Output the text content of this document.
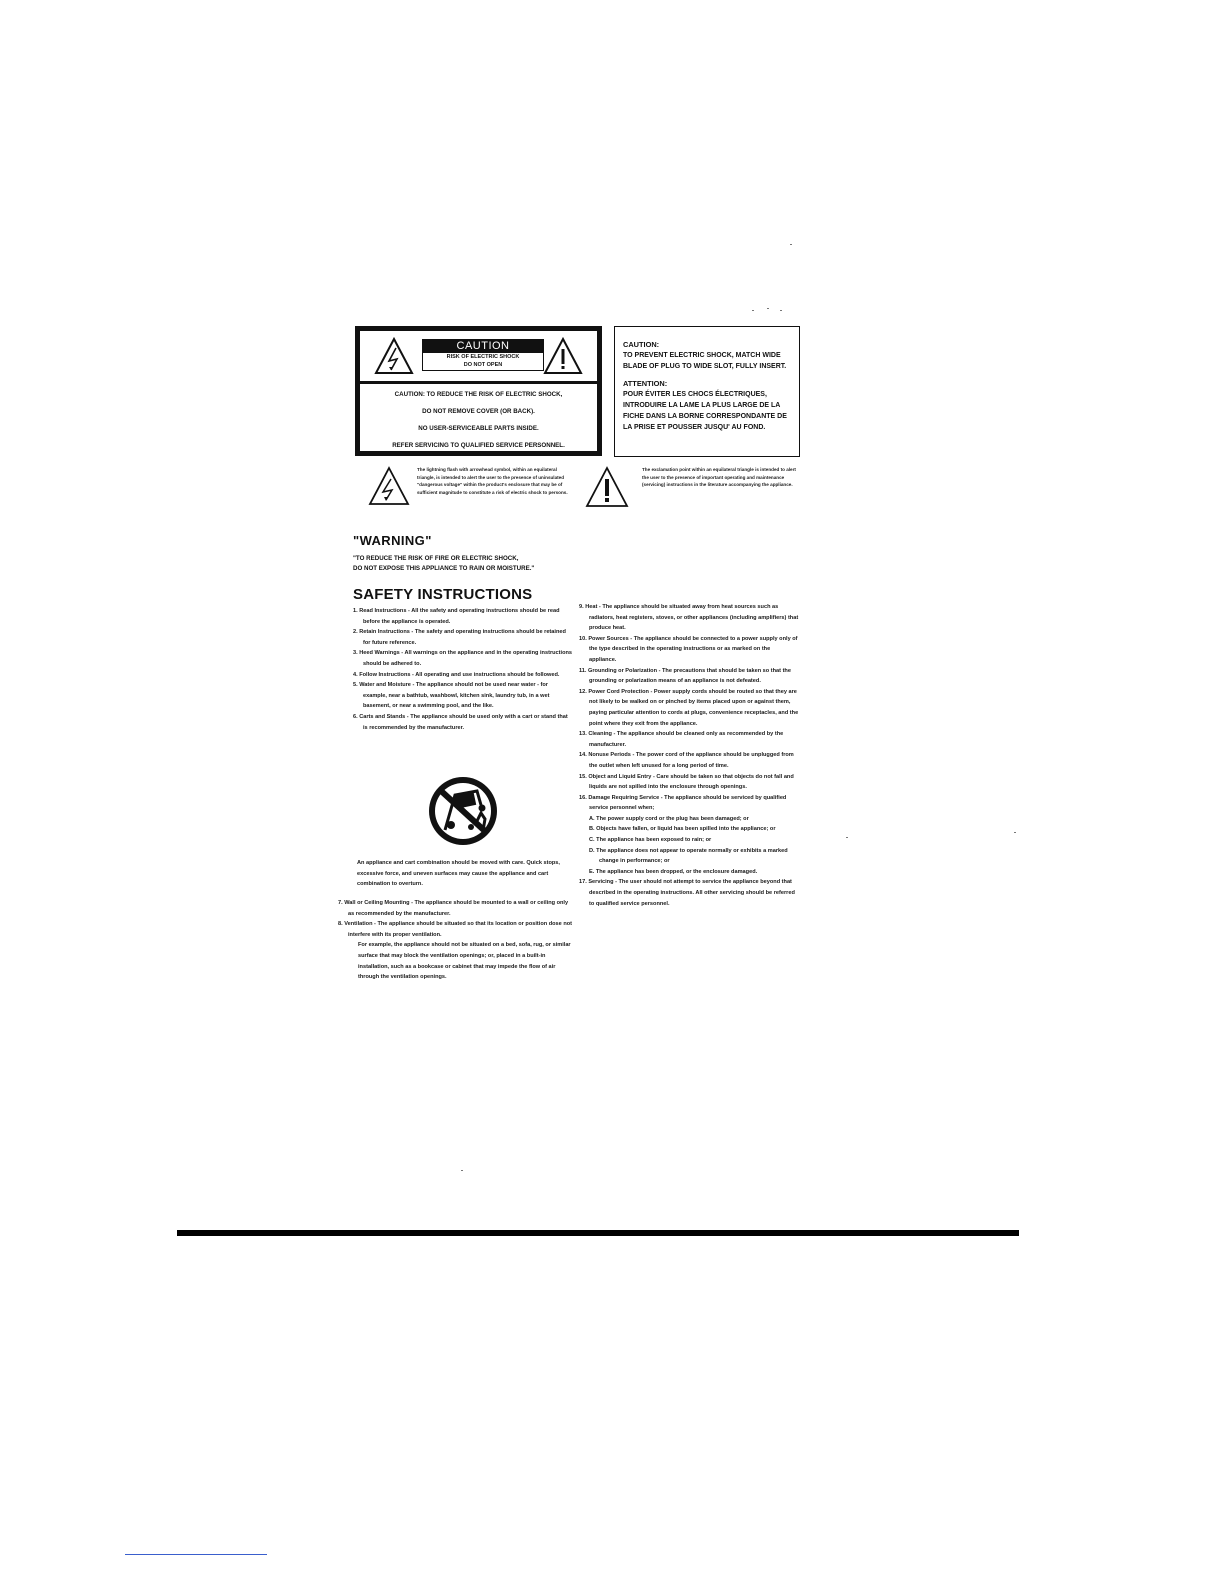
CAUTION
RISK OF ELECTRIC SHOCK
DO NOT OPEN
CAUTION: TO REDUCE THE RISK OF ELECTRIC SHOCK,
DO NOT REMOVE COVER (OR BACK).
NO USER-SERVICEABLE PARTS INSIDE.
REFER SERVICING TO QUALIFIED SERVICE PERSONNEL.
CAUTION:
TO PREVENT ELECTRIC SHOCK, MATCH WIDE BLADE OF PLUG TO WIDE SLOT, FULLY INSERT.
ATTENTION:
POUR ÉVITER LES CHOCS ÉLECTRIQUES, INTRODUIRE LA LAME LA PLUS LARGE DE LA FICHE DANS LA BORNE CORRESPONDANTE DE LA PRISE ET POUSSER JUSQU' AU FOND.
The lightning flash with arrowhead symbol, within an equilateral triangle, is intended to alert the user to the presence of uninsulated "dangerous voltage" within the product's enclosure that may be of sufficient magnitude to constitute a risk of electric shock to persons.
The exclamation point within an equilateral triangle is intended to alert the user to the presence of important operating and maintenance (servicing) instructions in the literature accompanying the appliance.
"WARNING"
"TO REDUCE THE RISK OF FIRE OR ELECTRIC SHOCK,
DO NOT EXPOSE THIS APPLIANCE TO RAIN OR MOISTURE."
SAFETY INSTRUCTIONS
1. Read Instructions - All the safety and operating instructions should be read before the appliance is operated.
2. Retain Instructions - The safety and operating instructions should be retained for future reference.
3. Heed Warnings - All warnings on the appliance and in the operating instructions should be adhered to.
4. Follow Instructions - All operating and use instructions should be followed.
5. Water and Moisture - The appliance should not be used near water - for example, near a bathtub, washbowl, kitchen sink, laundry tub, in a wet basement, or near a swimming pool, and the like.
6. Carts and Stands - The appliance should be used only with a cart or stand that is recommended by the manufacturer.
An appliance and cart combination should be moved with care. Quick stops, excessive force, and uneven surfaces may cause the appliance and cart combination to overturn.
7. Wall or Ceiling Mounting - The appliance should be mounted to a wall or ceiling only as recommended by the manufacturer.
8. Ventilation - The appliance should be situated so that its location or position dose not interfere with its proper ventilation.
For example, the appliance should not be situated on a bed, sofa, rug, or similar surface that may block the ventilation openings; or, placed in a built-in installation, such as a bookcase or cabinet that may impede the flow of air through the ventilation openings.
9. Heat - The appliance should be situated away from heat sources such as radiators, heat registers, stoves, or other appliances (including amplifiers) that produce heat.
10. Power Sources - The appliance should be connected to a power supply only of the type described in the operating instructions or as marked on the appliance.
11. Grounding or Polarization - The precautions that should be taken so that the grounding or polarization means of an appliance is not defeated.
12. Power Cord Protection - Power supply cords should be routed so that they are not likely to be walked on or pinched by items placed upon or against them, paying particular attention to cords at plugs, convenience receptacles, and the point where they exit from the appliance.
13. Cleaning - The appliance should be cleaned only as recommended by the manufacturer.
14. Nonuse Periods - The power cord of the appliance should be unplugged from the outlet when left unused for a long period of time.
15. Object and Liquid Entry - Care should be taken so that objects do not fall and liquids are not spilled into the enclosure through openings.
16. Damage Requiring Service - The appliance should be serviced by qualified service personnel when;
A. The power supply cord or the plug has been damaged; or
B. Objects have fallen, or liquid has been spilled into the appliance; or
C. The appliance has been exposed to rain; or
D. The appliance does not appear to operate normally or exhibits a marked change in performance; or
E. The appliance has been dropped, or the enclosure damaged.
17. Servicing - The user should not attempt to service the appliance beyond that described in the operating instructions. All other servicing should be referred to qualified service personnel.
